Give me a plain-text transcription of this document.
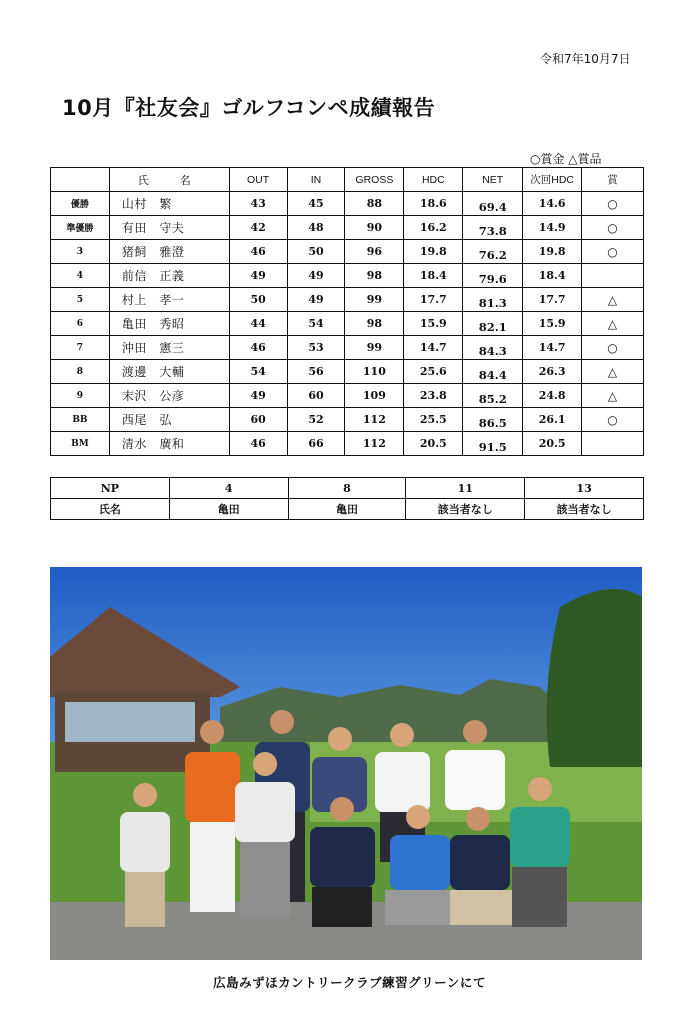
令和7年10月7日
10月『社友会』ゴルフコンペ成績報告
○賞金 △賞品
	氏　名	OUT	IN	GROSS	HDC	NET	次回HDC	賞
優勝	山村　繁	43	45	88	18.6	69.4	14.6	○
準優勝	有田　守夫	42	48	90	16.2	73.8	14.9	○
3	猪飼　雅澄	46	50	96	19.8	76.2	19.8	○
4	前信　正義	49	49	98	18.4	79.6	18.4	
5	村上　孝一	50	49	99	17.7	81.3	17.7	△
6	亀田　秀昭	44	54	98	15.9	82.1	15.9	△
7	沖田　憲三	46	53	99	14.7	84.3	14.7	○
8	渡邊　大輔	54	56	110	25.6	84.4	26.3	△
9	末沢　公彦	49	60	109	23.8	85.2	24.8	△
BB	西尾　弘	60	52	112	25.5	86.5	26.1	○
BM	清水　廣和	46	66	112	20.5	91.5	20.5	
NP	4	8	11	13
氏名	亀田	亀田	該当者なし	該当者なし
広島みずほカントリークラブ練習グリーンにて
